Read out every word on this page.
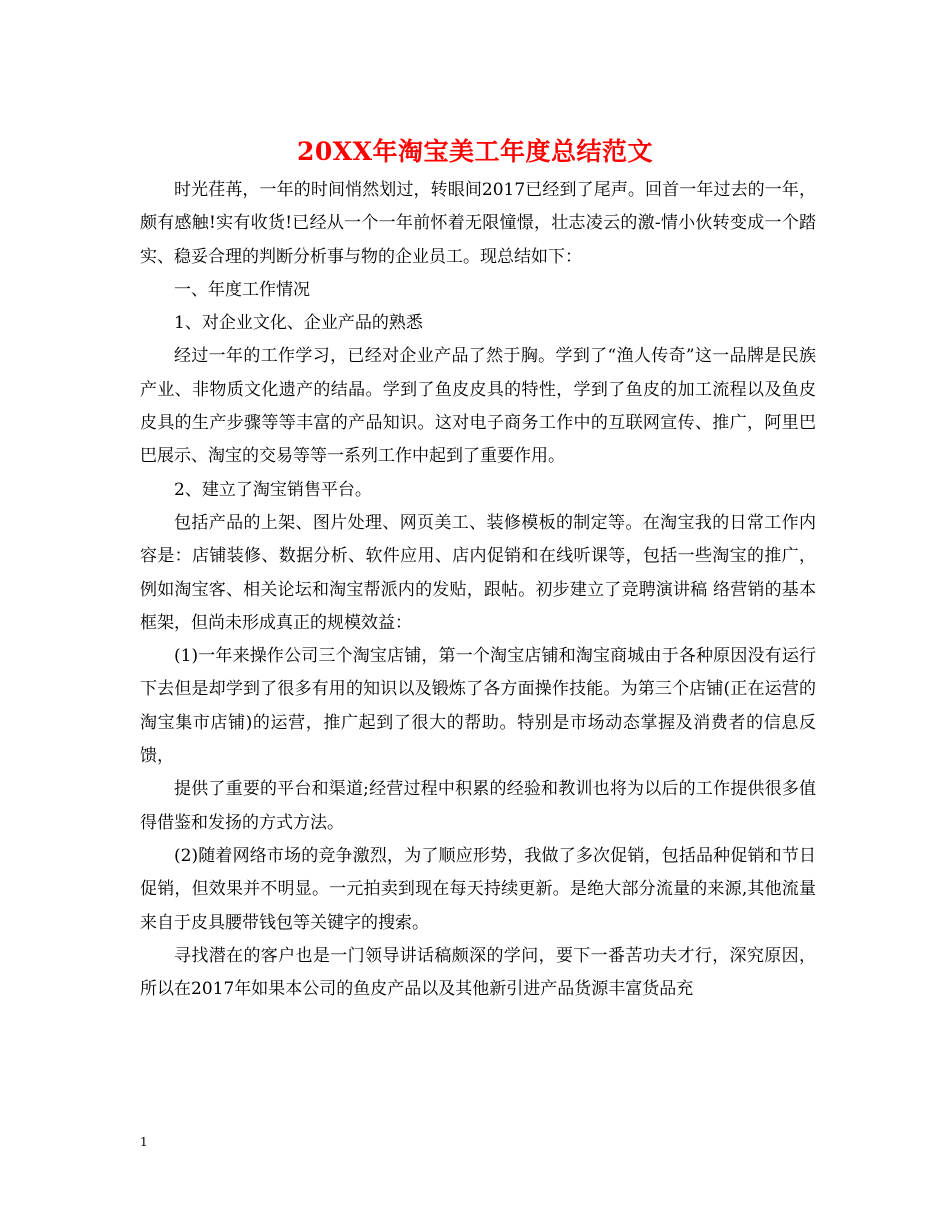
20XX年淘宝美工年度总结范文

时光荏苒，一年的时间悄然划过，转眼间2017已经到了尾声。回首一年过去的一年，颇有感触!实有收货!已经从一个一年前怀着无限憧憬，壮志凌云的激-情小伙转变成一个踏实、稳妥合理的判断分析事与物的企业员工。现总结如下：

一、年度工作情况

1、对企业文化、企业产品的熟悉

经过一年的工作学习，已经对企业产品了然于胸。学到了“渔人传奇”这一品牌是民族产业、非物质文化遗产的结晶。学到了鱼皮皮具的特性，学到了鱼皮的加工流程以及鱼皮皮具的生产步骤等等丰富的产品知识。这对电子商务工作中的互联网宣传、推广，阿里巴巴展示、淘宝的交易等等一系列工作中起到了重要作用。

2、建立了淘宝销售平台。

包括产品的上架、图片处理、网页美工、装修模板的制定等。在淘宝我的日常工作内容是：店铺装修、数据分析、软件应用、店内促销和在线听课等，包括一些淘宝的推广，例如淘宝客、相关论坛和淘宝帮派内的发贴，跟帖。初步建立了竞聘演讲稿 络营销的基本框架，但尚未形成真正的规模效益：

(1)一年来操作公司三个淘宝店铺，第一个淘宝店铺和淘宝商城由于各种原因没有运行下去但是却学到了很多有用的知识以及锻炼了各方面操作技能。为第三个店铺(正在运营的淘宝集市店铺)的运营，推广起到了很大的帮助。特别是市场动态掌握及消费者的信息反馈，

提供了重要的平台和渠道;经营过程中积累的经验和教训也将为以后的工作提供很多值得借鉴和发扬的方式方法。

(2)随着网络市场的竞争激烈，为了顺应形势，我做了多次促销，包括品种促销和节日促销，但效果并不明显。一元拍卖到现在每天持续更新。是绝大部分流量的来源,其他流量来自于皮具腰带钱包等关键字的搜索。

寻找潜在的客户也是一门领导讲话稿颇深的学问，要下一番苦功夫才行，深究原因，所以在2017年如果本公司的鱼皮产品以及其他新引进产品货源丰富货品充

1
